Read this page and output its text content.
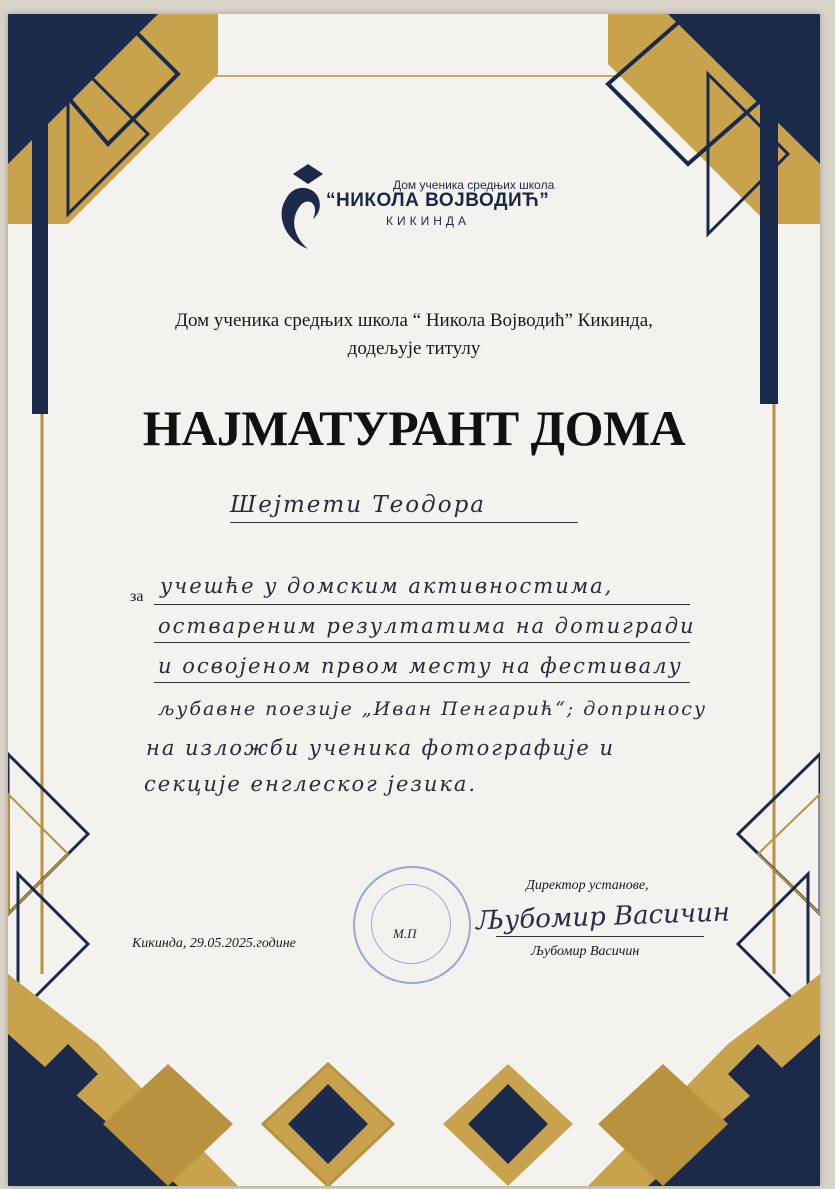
Дом ученика средњих школа
“НИКОЛА ВОЈВОДИЋ”
КИКИНДА
Дом ученика средњих школа “ Никола Војводић” Кикинда,
додељује титулу
НАЈМАТУРАНТ ДОМА
Шејтети Теодора
за учешће у домским активностима,
оствареним резултатима на дотигради
и освојеном првом месту на фестивалу
љубавне поезије „Иван Пенгарић“; доприносу
на изложби ученика фотографије и
секције енглеског језика.
М.П
Кикинда, 29.05.2025.године
Директор установе,
Љубомир Васичин
Љубомир Васичин
